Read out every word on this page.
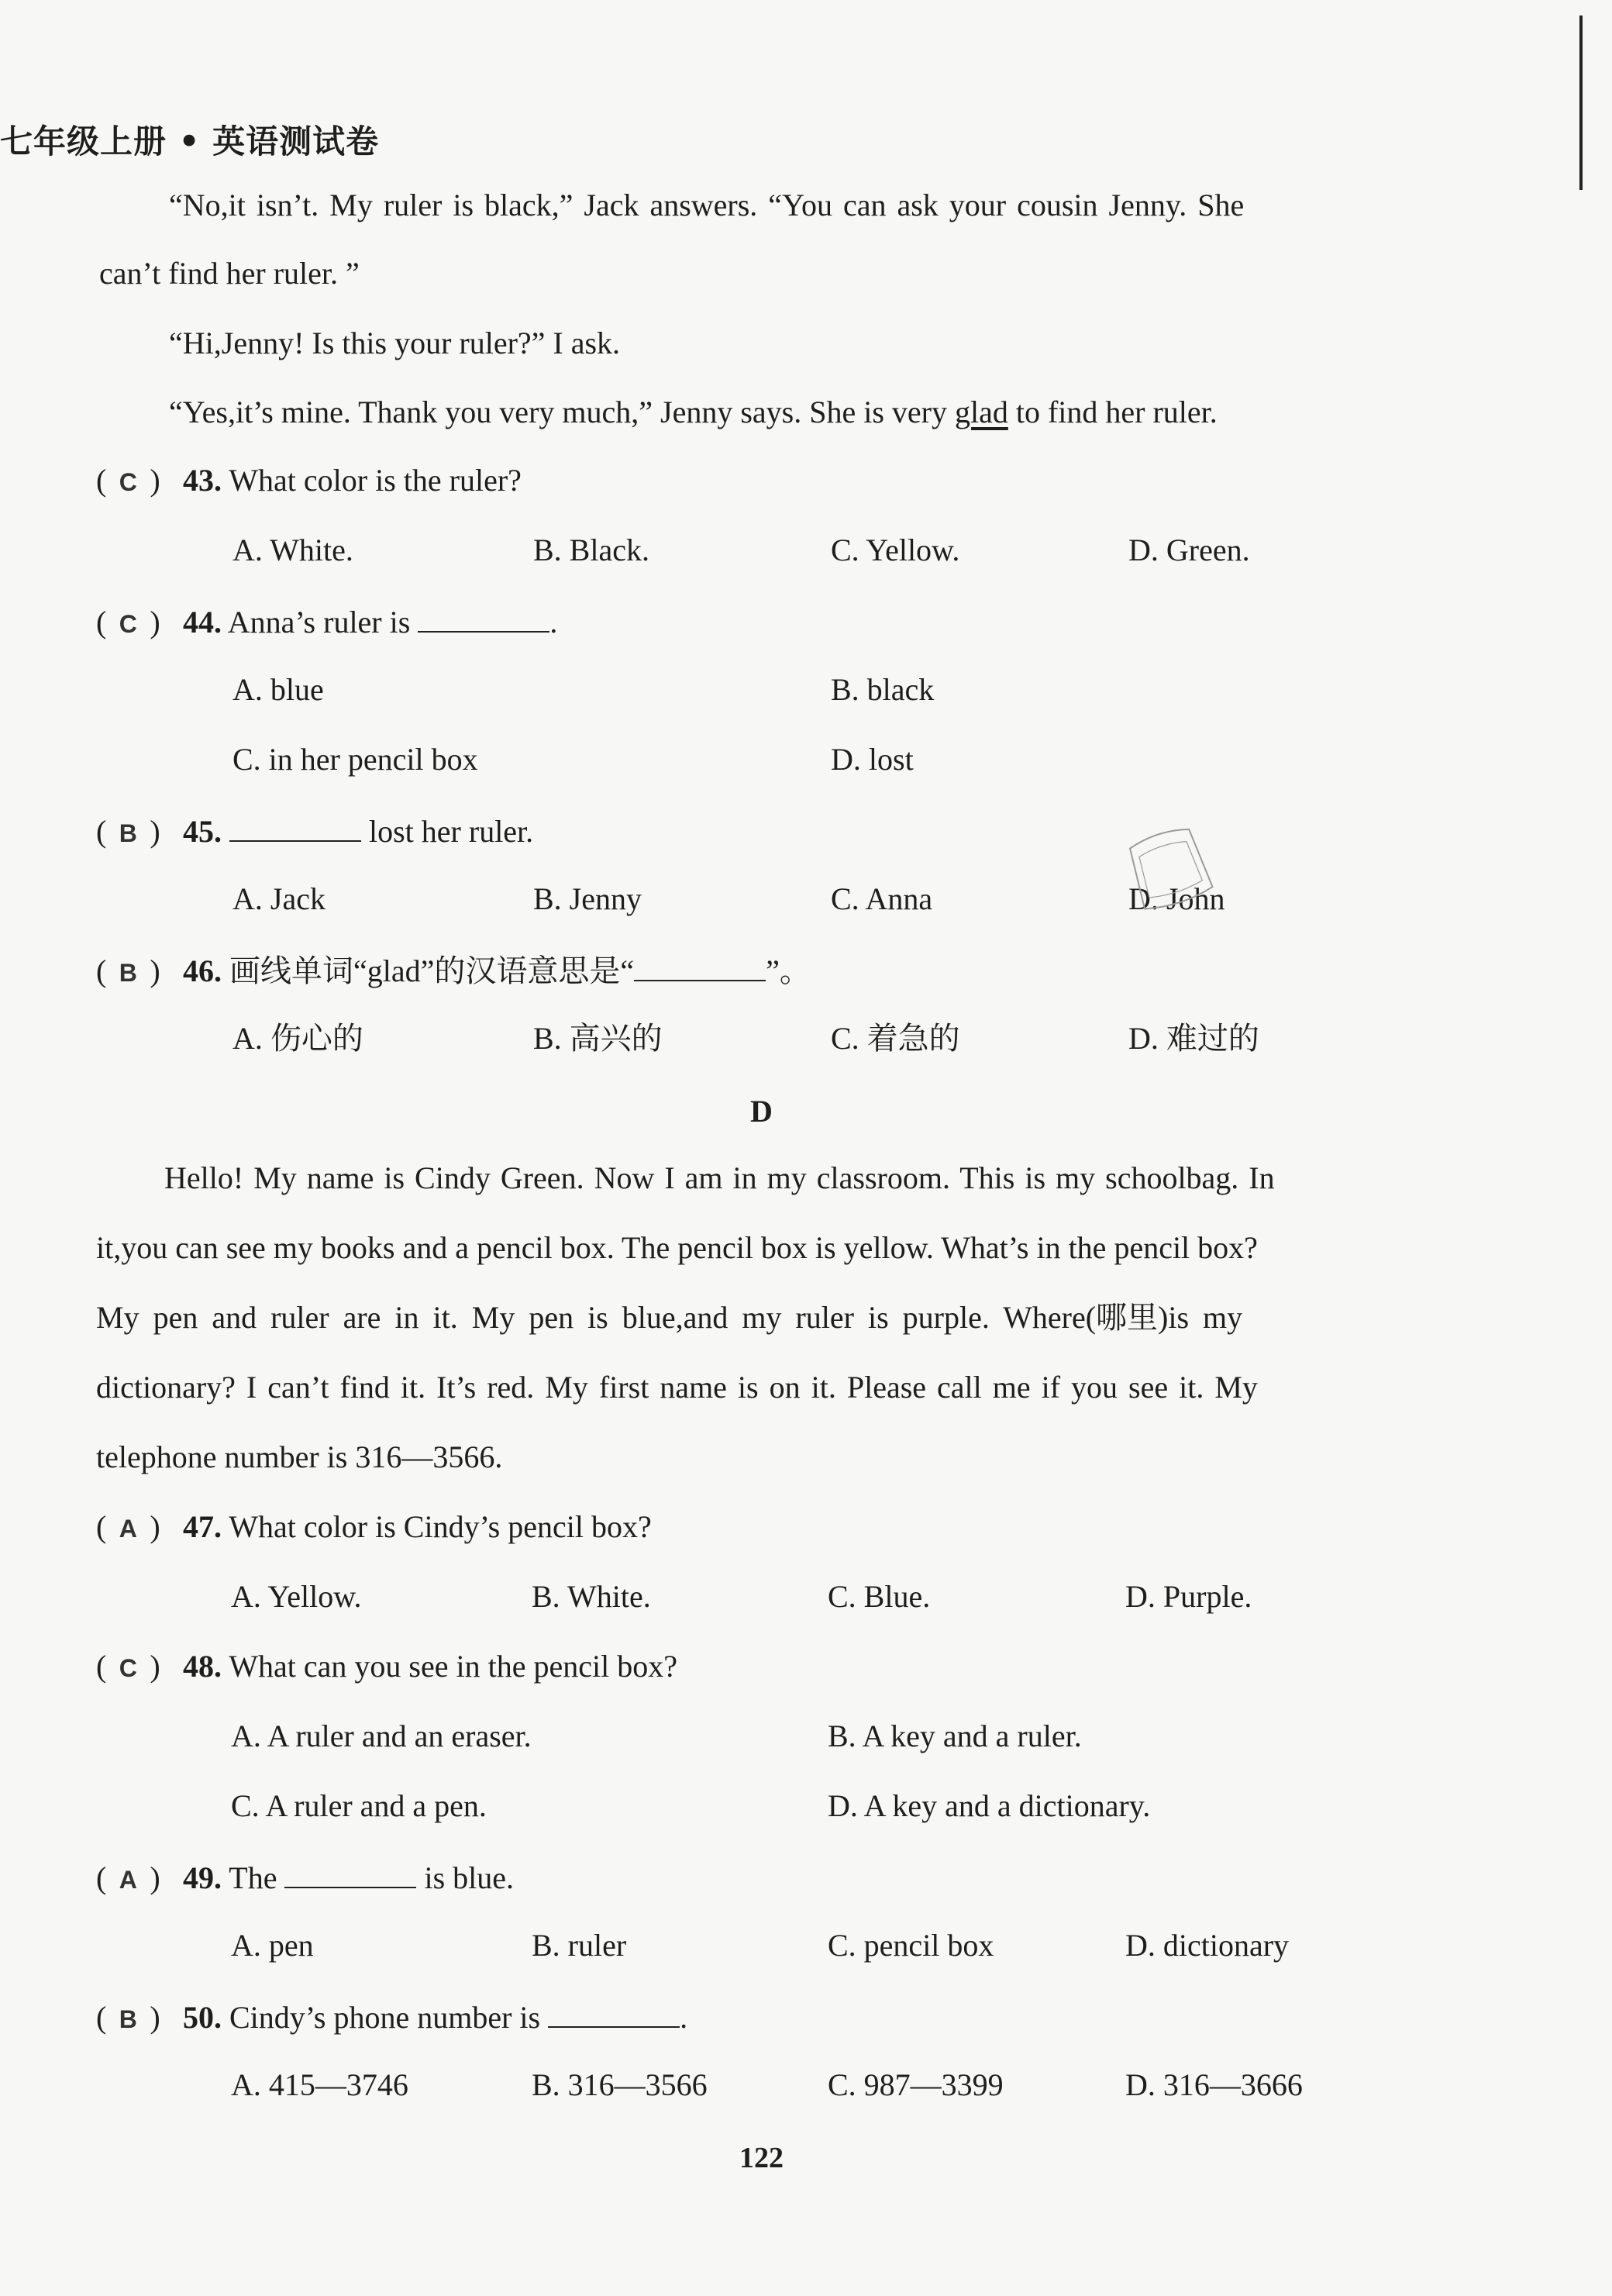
七年级上册 • 英语测试卷
“No,it isn’t. My ruler is black,” Jack answers. “You can ask your cousin Jenny. She
can’t find her ruler. ”
“Hi,Jenny! Is this your ruler?” I ask.
“Yes,it’s mine. Thank you very much,” Jenny says. She is very glad to find her ruler.
( C ) 43. What color is the ruler?
A. White.	B. Black.	C. Yellow.	D. Green.
( C ) 44. Anna’s ruler is	.
A. blue	B. black
C. in her pencil box	D. lost
( B ) 45.	lost her ruler.
A. Jack	B. Jenny	C. Anna	D. John
( B ) 46. 画线单词“glad”的汉语意思是“	”。
A. 伤心的	B. 高兴的	C. 着急的	D. 难过的
D
Hello! My name is Cindy Green. Now I am in my classroom. This is my schoolbag. In
it,you can see my books and a pencil box. The pencil box is yellow. What’s in the pencil box?
My pen and ruler are in it. My pen is blue,and my ruler is purple. Where(哪里)is my
dictionary? I can’t find it. It’s red. My first name is on it. Please call me if you see it. My
telephone number is 316—3566.
( A ) 47. What color is Cindy’s pencil box?
A. Yellow.	B. White.	C. Blue.	D. Purple.
( C ) 48. What can you see in the pencil box?
A. A ruler and an eraser.	B. A key and a ruler.
C. A ruler and a pen.	D. A key and a dictionary.
( A ) 49. The	is blue.
A. pen	B. ruler	C. pencil box	D. dictionary
( B ) 50. Cindy’s phone number is	.
A. 415—3746	B. 316—3566	C. 987—3399	D. 316—3666
122
